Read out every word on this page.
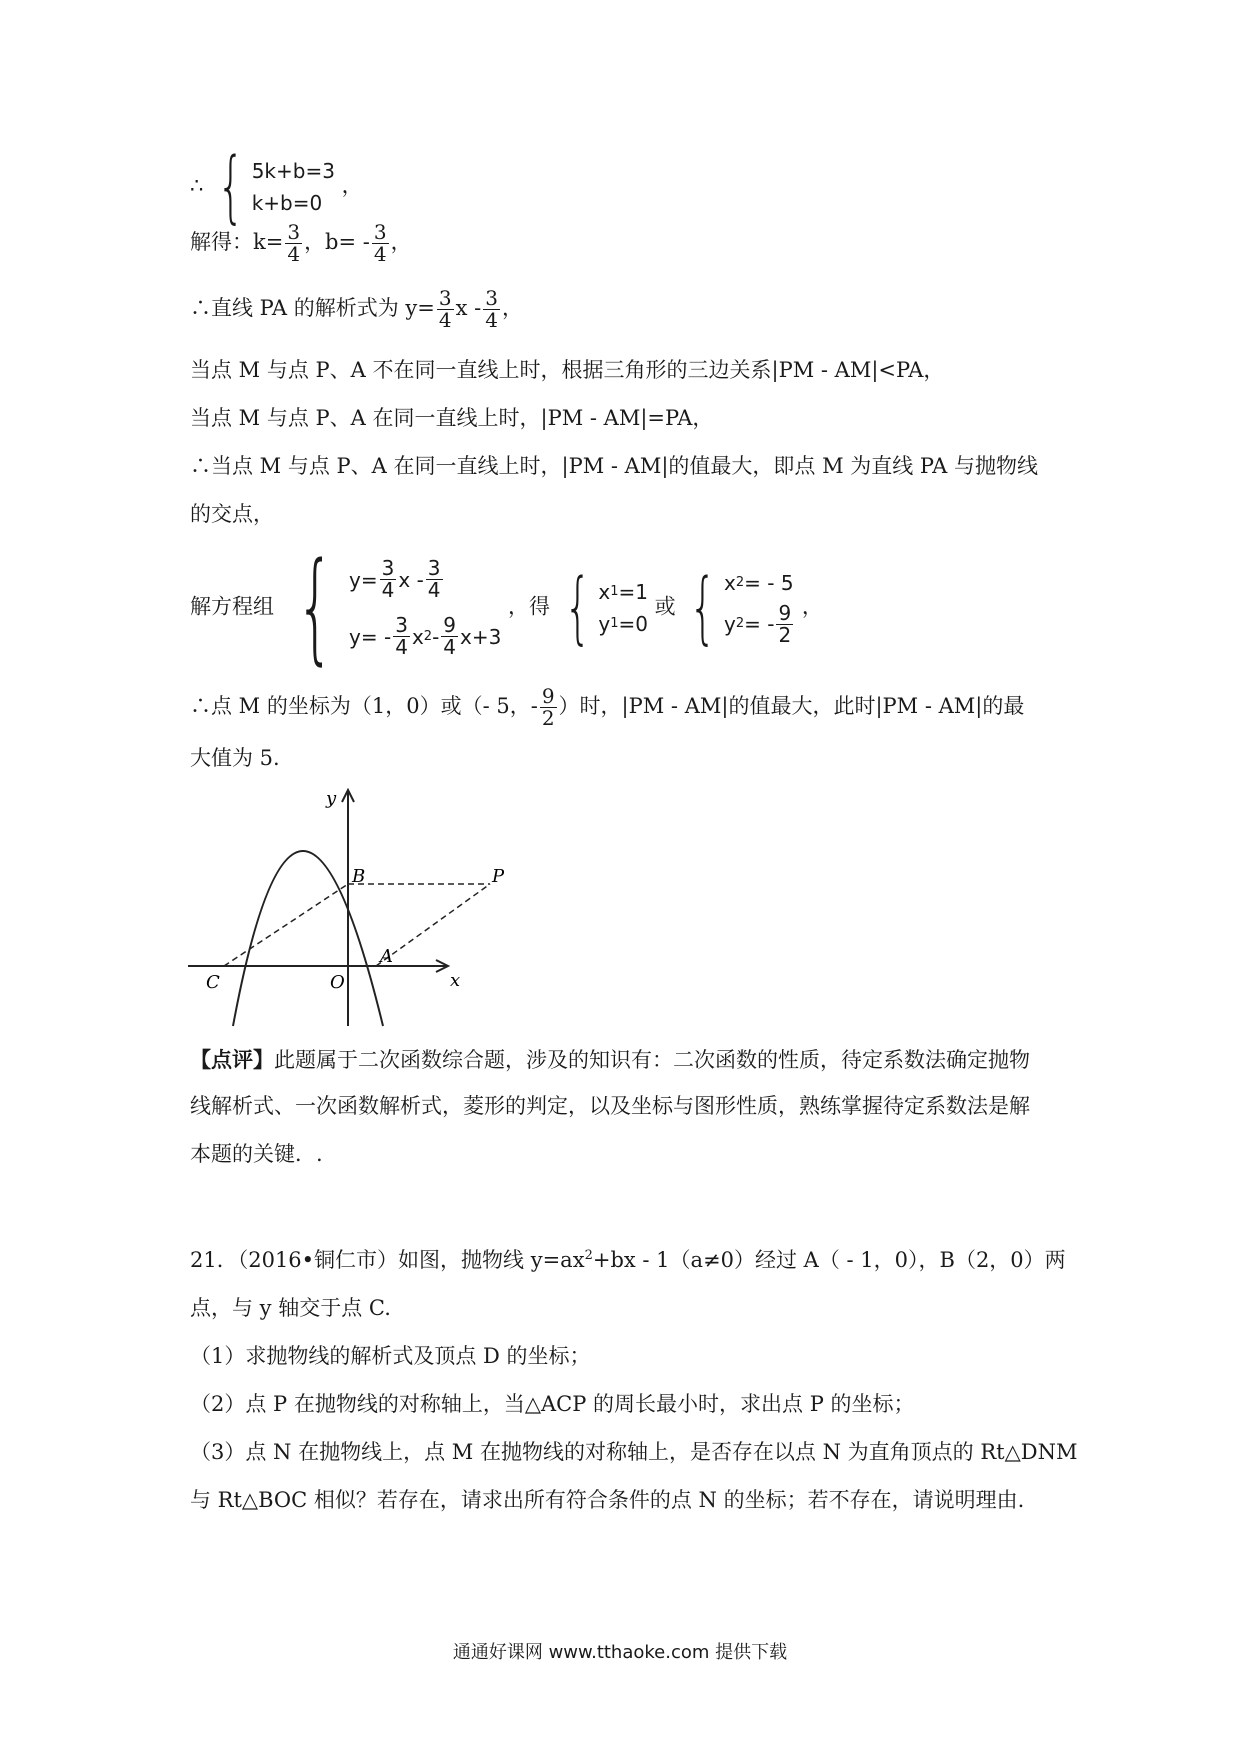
∴ { 5k+b=3
k+b=0
，
解得：$k= \frac{3}{4}$ ，$b= - \frac{3}{4}$ ，
∴直线 PA 的解析式为 $y= \frac{3}{4}$ x - $\frac{3}{4}$ ，
当点 M 与点 P、A 不在同一直线上时，根据三角形的三边关系|PM - AM|<PA，
当点 M 与点 P、A 在同一直线上时，|PM - AM|=PA，
∴当点 M 与点 P、A 在同一直线上时，|PM - AM|的值最大，即点 M 为直线 PA 与抛物线
的交点，
解方程组 { $y= \frac{3}{4}$ x - $\frac{3}{4}$
$y= - \frac{3}{4}$ x $2 - \frac{9}{4} x+3$
，得 { x 1 =1
y 1 =0
或 { x 2 = - 5
y 2 = - $\frac{9}{2}$ ，
∴点 M 的坐标为（1，0）或（- 5，- $\frac{9}{2}$ ）时，|PM - AM|的值最大，此时|PM - AM|的最
大值为 5.
y
x
O
B	P
A
C
【点评】此题属于二次函数综合题，涉及的知识有：二次函数的性质，待定系数法确定抛物
线解析式、一次函数解析式，菱形的判定，以及坐标与图形性质，熟练掌握待定系数法是解
本题的关键．.
21．（2016•铜仁市）如图，抛物线 $y=ax^2+bx - 1(a\ne 0)$经过 A（ - 1，0），B（2，0）两
点，与 y 轴交于点 C.
（1）求抛物线的解析式及顶点 D 的坐标；
（2）点 P 在抛物线的对称轴上，当△ACP 的周长最小时，求出点 P 的坐标；
（3）点 N 在抛物线上，点 M 在抛物线的对称轴上，是否存在以点 N 为直角顶点的 Rt△DNM
与 Rt△BOC 相似？若存在，请求出所有符合条件的点 N 的坐标；若不存在，请说明理由.
通通好课网 www.tthaoke.com 提供下载
